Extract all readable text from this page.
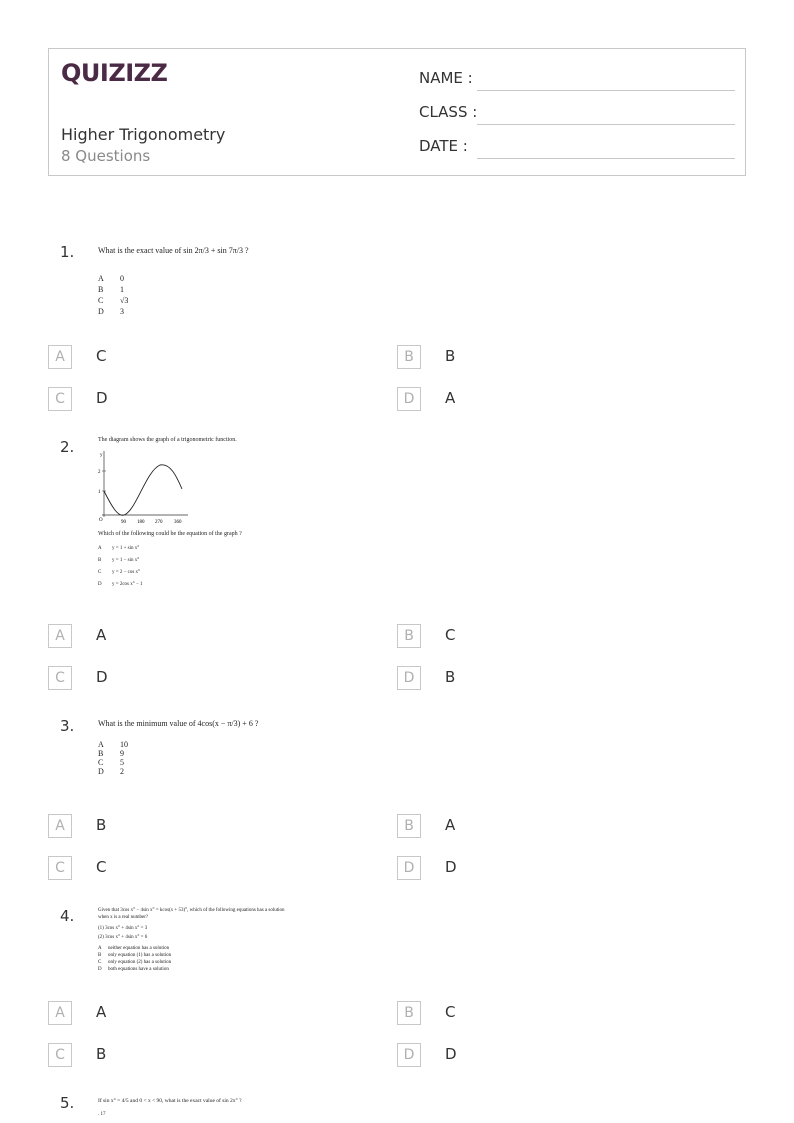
QUIZIZZ
Higher Trigonometry
8 Questions
NAME :
CLASS :
DATE :
1.	What is the exact value of sin 2π/3 + sin 7π/3 ?
A 0
B 1
C √3
D 3
A	C	B	B
C	D	D	A
2.	The diagram shows the graph of a trigonometric function.
y
2
1
O	90 180 270 360
Which of the following could be the equation of the graph ?
A y = 1 + sin x°
B y = 1 − sin x°
C y = 2 − cos x°
D y = 2cos x° − 1
A	A	B	C
C	D	D	B
3.	What is the minimum value of 4cos(x − π/3) + 6 ?
A 10
B 9
C 5
D 2
A	B	B	A
C	C	D	D
4.	Given that 3cos x° − 4sin x° = kcos(x + 53)°, which of the following equations has a solution when x is a real number?
(1) 3cos x° + 4sin x° = 3
(2) 3cos x° + 4sin x° = 6
A neither equation has a solution
B only equation (1) has a solution
C only equation (2) has a solution
D both equations have a solution
A	A	B	C
C	B	D	D
5.	If sin x° = 4/5 and 0 < x < 90, what is the exact value of sin 2x° ?
. 17
